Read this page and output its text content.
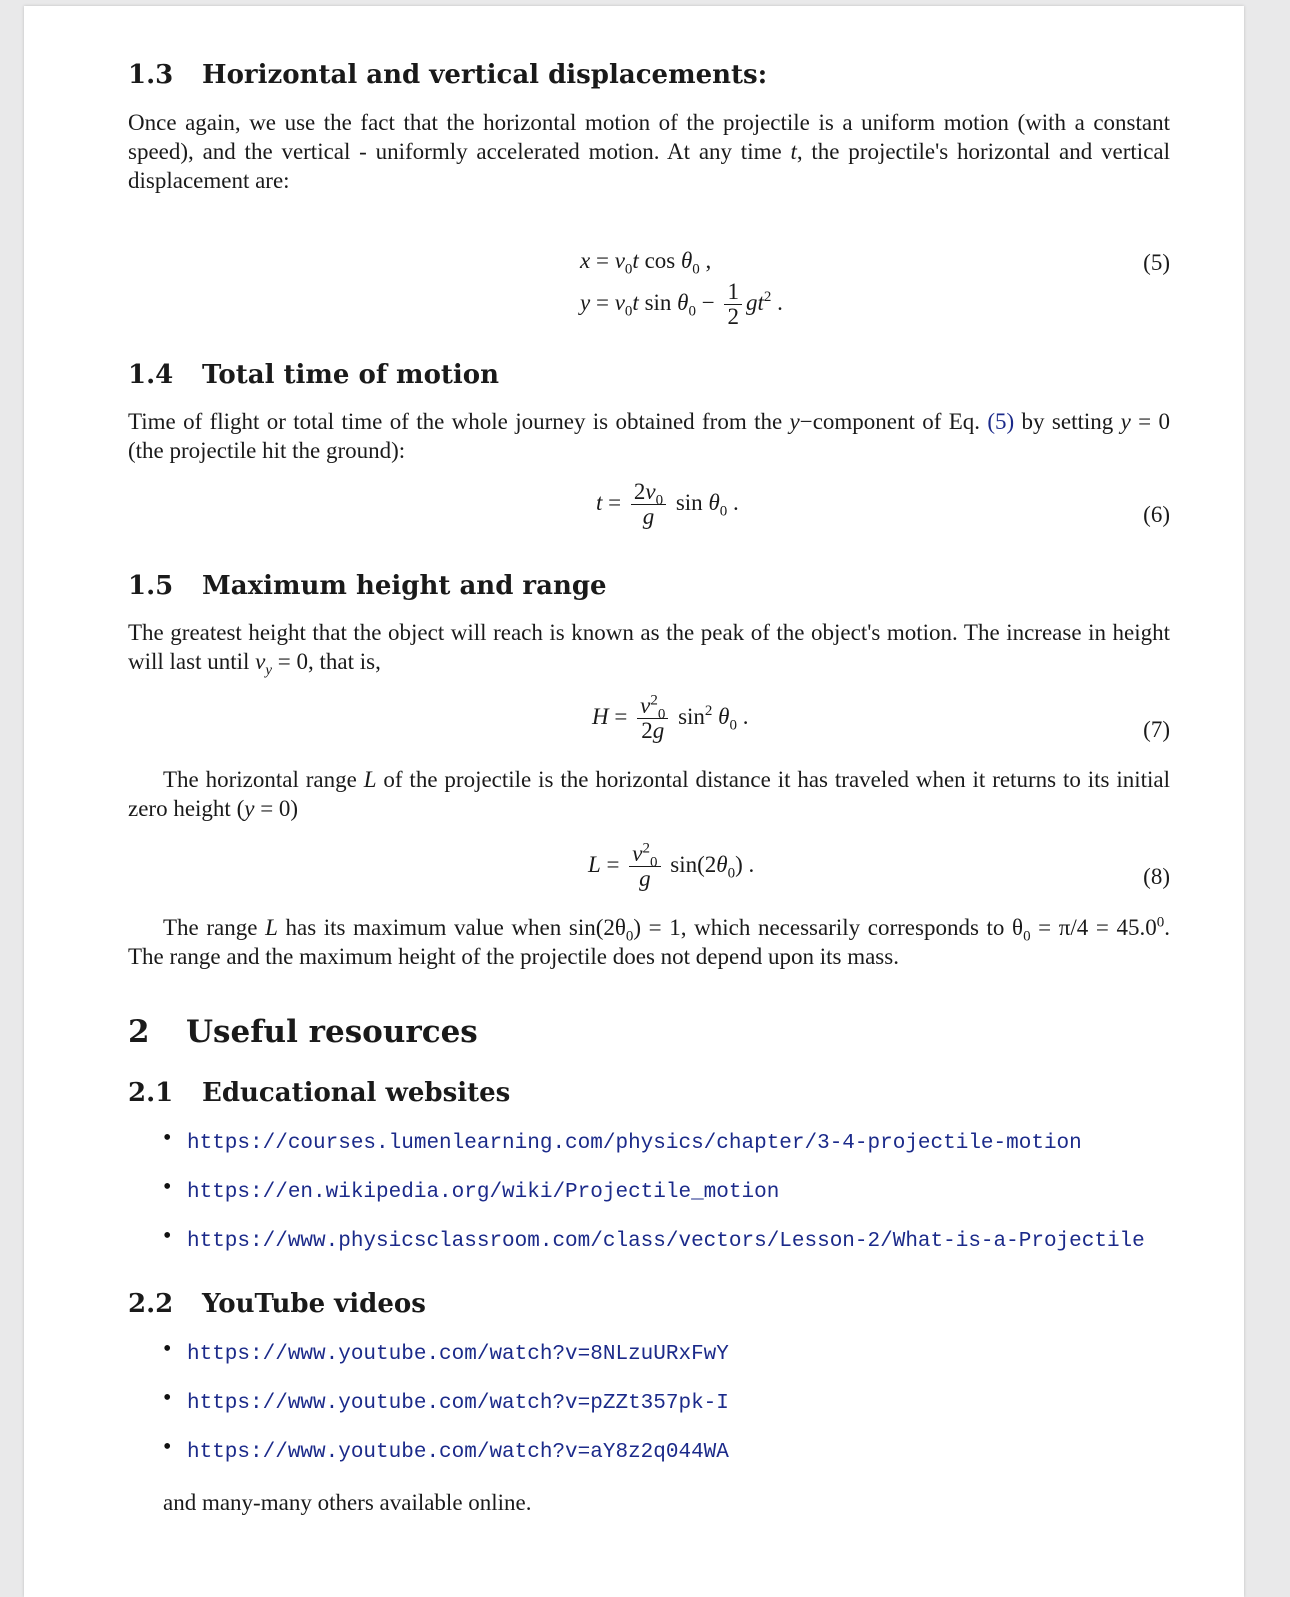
1.3 Horizontal and vertical displacements:

Once again, we use the fact that the horizontal motion of the projectile is a uniform motion (with a constant speed), and the vertical - uniformly accelerated motion. At any time t, the projectile's horizontal and vertical displacement are:

$x = v_0t$ $\cos \theta_0$ ,
$y = v_0t$ $\sin \theta_0 - \frac{1}{2} gt^2$ .
(5)
1.4 Total time of motion

Time of flight or total time of the whole journey is obtained from the y−component of Eq. (5) by setting y = 0 (the projectile hit the ground):

$t = \frac{2v_0}{g}$ $\sin \theta_0$ .	(6)
1.5 Maximum height and range

The greatest height that the object will reach is known as the peak of the object's motion. The increase in height will last until $v_y = 0$, that is,

$H = \frac{v^2_0}{2g} \sin^2 \theta_0$ .
(7)

The horizontal range L of the projectile is the horizontal distance it has traveled when it returns to its initial zero height (y = 0)

$L = \frac{v^2_0}{g} \sin(2\theta_0)$ .	(8)

The range L has its maximum value when $\sin(2\theta_0) = 1$, which necessarily corresponds to $\theta_0 = \pi/4 = 45.0^0$. The range and the maximum height of the projectile does not depend upon its mass.

2 Useful resources
2.1 Educational websites
• https://courses.lumenlearning.com/physics/chapter/3-4-projectile-motion
• https://en.wikipedia.org/wiki/Projectile_motion
• https://www.physicsclassroom.com/class/vectors/Lesson-2/What-is-a-Projectile
2.2 YouTube videos
• https://www.youtube.com/watch?v=8NLzuURxFwY
• https://www.youtube.com/watch?v=pZZt357pk-I
• https://www.youtube.com/watch?v=aY8z2q044WA

and many-many others available online.
